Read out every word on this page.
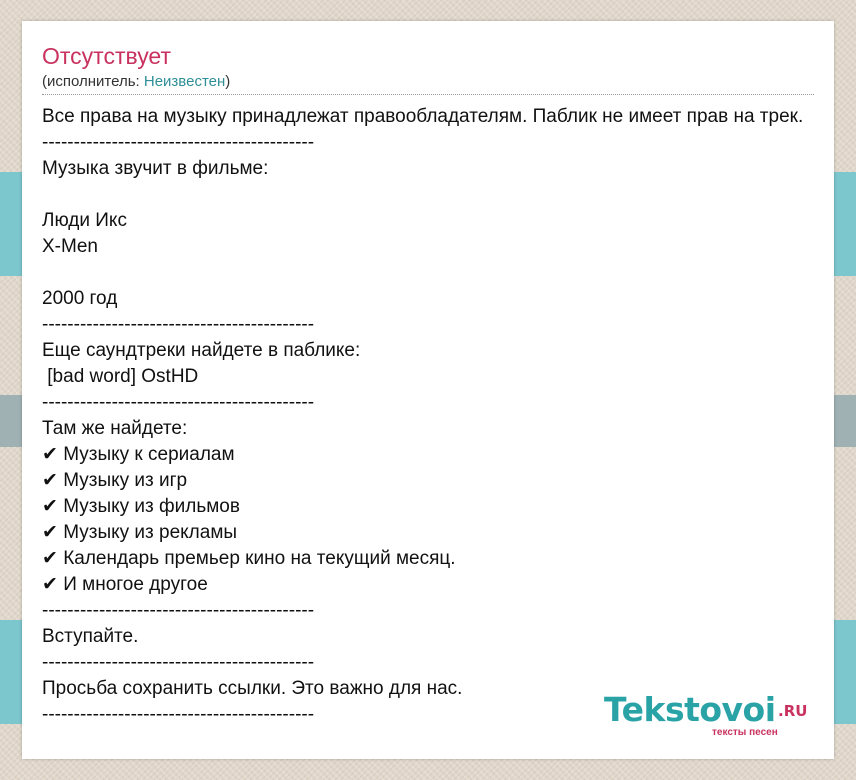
Отсутствует
(исполнитель: Неизвестен)
Все права на музыку принадлежат правообладателям. Паблик не имеет прав на трек.
-------------------------------------------
Музыка звучит в фильме:
Люди Икс
X-Men
2000 год
-------------------------------------------
Еще саундтреки найдете в паблике:
[bad word] OstHD
-------------------------------------------
Там же найдете:
✔ Музыку к сериалам
✔ Музыку из игр
✔ Музыку из фильмов
✔ Музыку из рекламы
✔ Календарь премьер кино на текущий месяц.
✔ И многое другое
-------------------------------------------
Вступайте.
-------------------------------------------
Просьба сохранить ссылки. Это важно для нас.
-------------------------------------------	Tekstovoi .RU
тексты песен
